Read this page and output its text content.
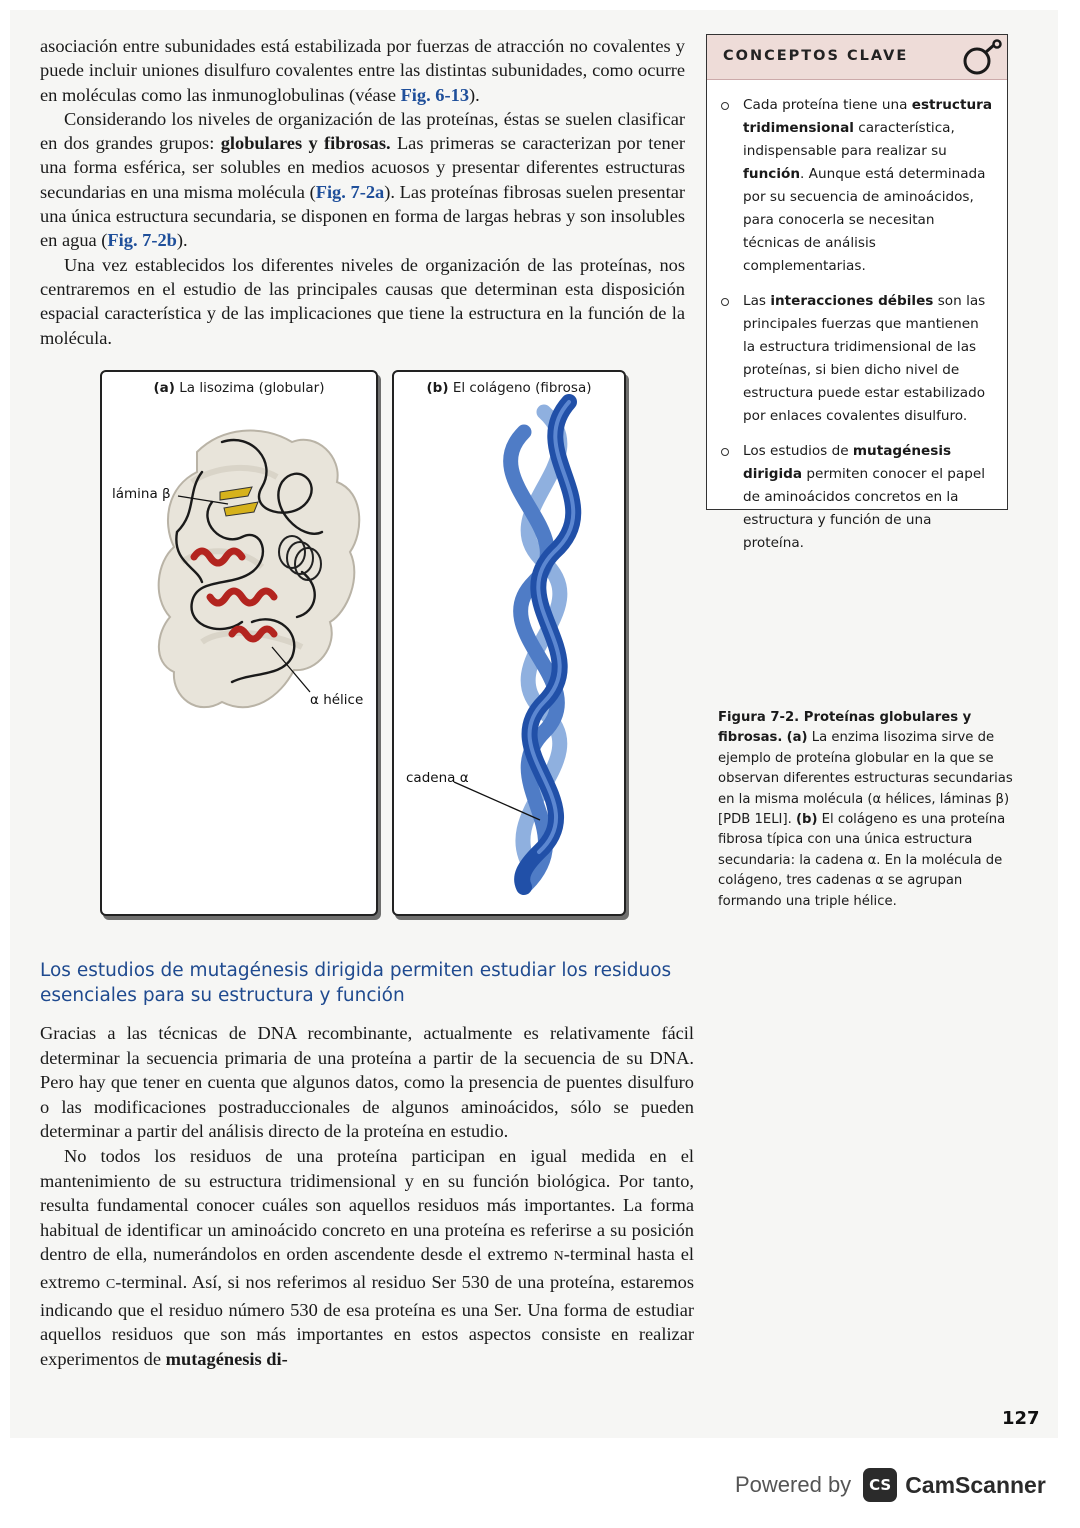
asociación entre subunidades está estabilizada por fuerzas de atracción no covalentes y puede incluir uniones disulfuro covalentes entre las distintas subunidades, como ocurre en moléculas como las inmunoglobulinas (véase Fig. 6-13).

Considerando los niveles de organización de las proteínas, éstas se suelen clasificar en dos grandes grupos: globulares y fibrosas. Las primeras se caracterizan por tener una forma esférica, ser solubles en medios acuosos y presentar diferentes estructuras secundarias en una misma molécula (Fig. 7-2a). Las proteínas fibrosas suelen presentar una única estructura secundaria, se disponen en forma de largas hebras y son insolubles en agua (Fig. 7-2b).

Una vez establecidos los diferentes niveles de organización de las proteínas, nos centraremos en el estudio de las principales causas que determinan esta disposición espacial característica y de las implicaciones que tiene la estructura en la función de la molécula.

(a) La lisozima (globular)
lámina β
α hélice
(b) El colágeno (fibrosa)
cadena α
CONCEPTOS CLAVE
Cada proteína tiene una estructura tridimensional característica, indispensable para realizar su función. Aunque está determinada por su secuencia de aminoácidos, para conocerla se necesitan técnicas de análisis complementarias.
Las interacciones débiles son las principales fuerzas que mantienen la estructura tridimensional de las proteínas, si bien dicho nivel de estructura puede estar estabilizado por enlaces covalentes disulfuro.
Los estudios de mutagénesis dirigida permiten conocer el papel de aminoácidos concretos en la estructura y función de una proteína.
Figura 7-2. Proteínas globulares y fibrosas. (a) La enzima lisozima sirve de ejemplo de proteína globular en la que se observan diferentes estructuras secundarias en la misma molécula (α hélices, láminas β) [PDB 1ELI]. (b) El colágeno es una proteína fibrosa típica con una única estructura secundaria: la cadena α. En la molécula de colágeno, tres cadenas α se agrupan formando una triple hélice.
Los estudios de mutagénesis dirigida permiten estudiar los residuos esenciales para su estructura y función

Gracias a las técnicas de DNA recombinante, actualmente es relativamente fácil determinar la secuencia primaria de una proteína a partir de la secuencia de su DNA. Pero hay que tener en cuenta que algunos datos, como la presencia de puentes disulfuro o las modificaciones postraduccionales de algunos aminoácidos, sólo se pueden determinar a partir del análisis directo de la proteína en estudio.

No todos los residuos de una proteína participan en igual medida en el mantenimiento de su estructura tridimensional y en su función biológica. Por tanto, resulta fundamental conocer cuáles son aquellos residuos más importantes. La forma habitual de identificar un aminoácido concreto en una proteína es referirse a su posición dentro de ella, numerándolos en orden ascendente desde el extremo N-terminal hasta el extremo C-terminal. Así, si nos referimos al residuo Ser 530 de una proteína, estaremos indicando que el residuo número 530 de esa proteína es una Ser. Una forma de estudiar aquellos residuos que son más importantes en estos aspectos consiste en realizar experimentos de mutagénesis di-

127
Powered by	CS CamScanner
